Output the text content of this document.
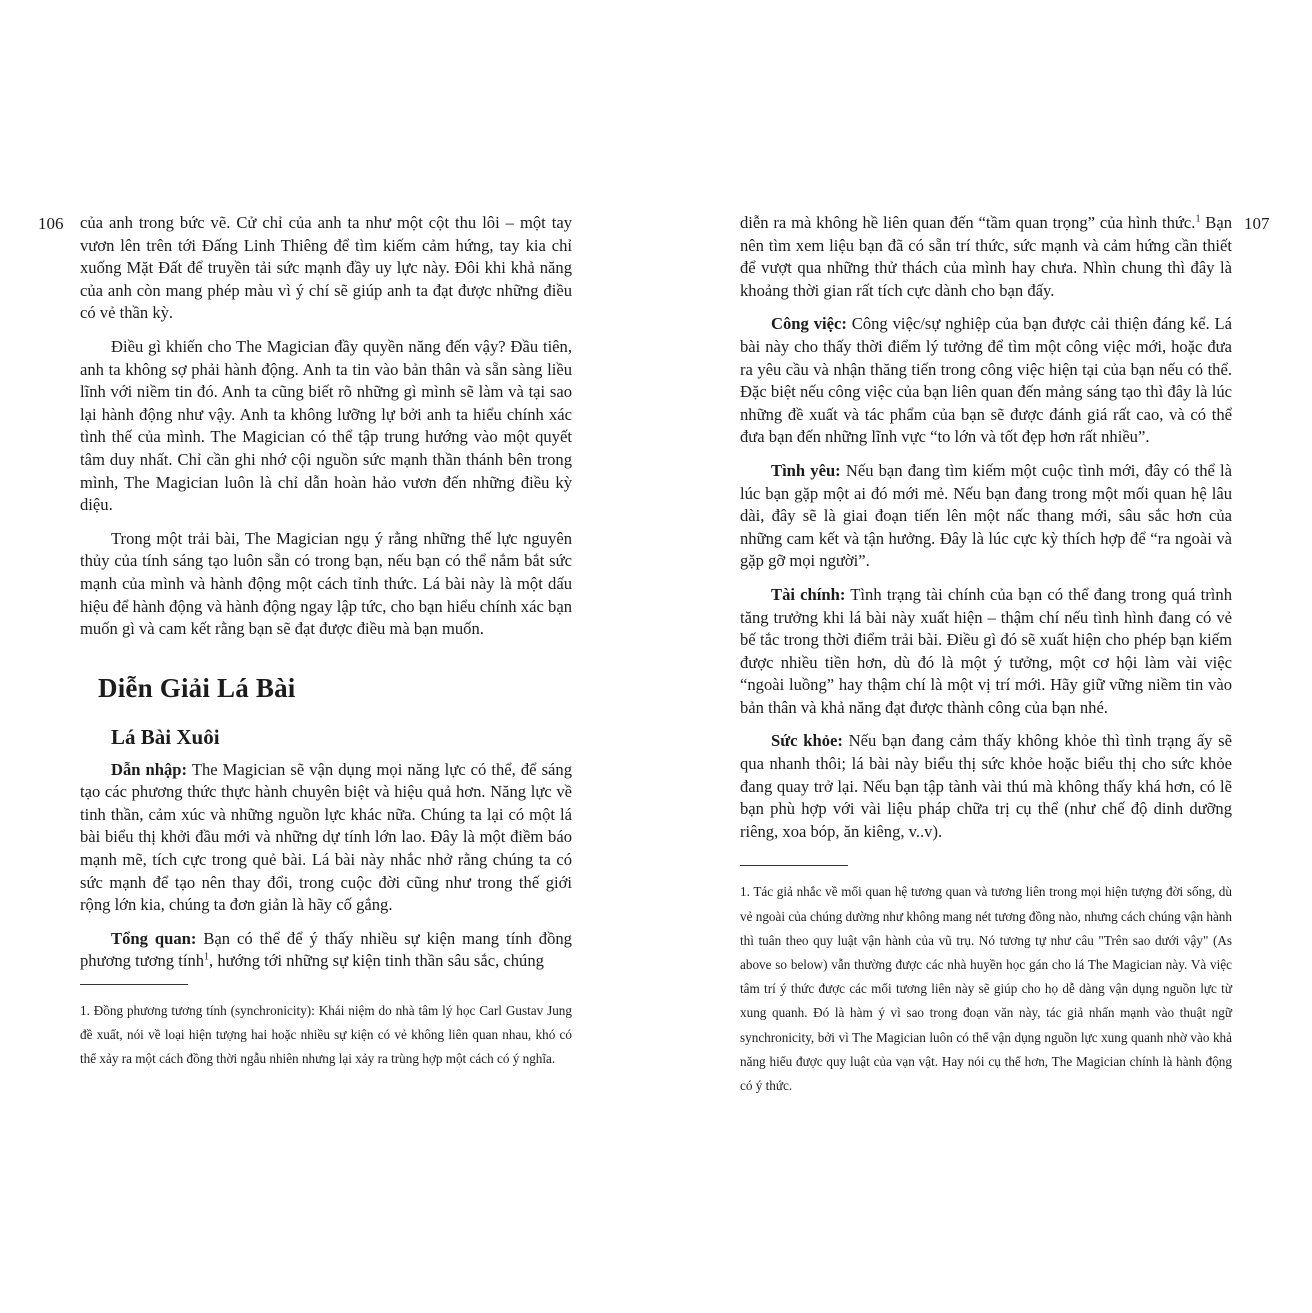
106	107

của anh trong bức vẽ. Cử chỉ của anh ta như một cột thu lôi – một tay vươn lên trên tới Đấng Linh Thiêng để tìm kiếm cảm hứng, tay kia chỉ xuống Mặt Đất để truyền tải sức mạnh đầy uy lực này. Đôi khi khả năng của anh còn mang phép màu vì ý chí sẽ giúp anh ta đạt được những điều có vẻ thần kỳ.

Điều gì khiến cho The Magician đầy quyền năng đến vậy? Đầu tiên, anh ta không sợ phải hành động. Anh ta tin vào bản thân và sẵn sàng liều lĩnh với niềm tin đó. Anh ta cũng biết rõ những gì mình sẽ làm và tại sao lại hành động như vậy. Anh ta không lưỡng lự bởi anh ta hiểu chính xác tình thế của mình. The Magician có thể tập trung hướng vào một quyết tâm duy nhất. Chỉ cần ghi nhớ cội nguồn sức mạnh thần thánh bên trong mình, The Magician luôn là chỉ dẫn hoàn hảo vươn đến những điều kỳ diệu.

Trong một trải bài, The Magician ngụ ý rằng những thế lực nguyên thủy của tính sáng tạo luôn sẵn có trong bạn, nếu bạn có thể nắm bắt sức mạnh của mình và hành động một cách tỉnh thức. Lá bài này là một dấu hiệu để hành động và hành động ngay lập tức, cho bạn hiểu chính xác bạn muốn gì và cam kết rằng bạn sẽ đạt được điều mà bạn muốn.

Diễn Giải Lá Bài
Lá Bài Xuôi

Dẫn nhập: The Magician sẽ vận dụng mọi năng lực có thể, để sáng tạo các phương thức thực hành chuyên biệt và hiệu quả hơn. Năng lực về tinh thần, cảm xúc và những nguồn lực khác nữa. Chúng ta lại có một lá bài biểu thị khởi đầu mới và những dự tính lớn lao. Đây là một điềm báo mạnh mẽ, tích cực trong quẻ bài. Lá bài này nhắc nhở rằng chúng ta có sức mạnh để tạo nên thay đổi, trong cuộc đời cũng như trong thế giới rộng lớn kia, chúng ta đơn giản là hãy cố gắng.

Tổng quan: Bạn có thể để ý thấy nhiều sự kiện mang tính đồng phương tương tính$^1$, hướng tới những sự kiện tinh thần sâu sắc, chúng

1. Đồng phương tương tính (synchronicity): Khái niệm do nhà tâm lý học Carl Gustav Jung đề xuất, nói về loại hiện tượng hai hoặc nhiều sự kiện có vẻ không liên quan nhau, khó có thể xảy ra một cách đồng thời ngẫu nhiên nhưng lại xảy ra trùng hợp một cách có ý nghĩa.

diễn ra mà không hề liên quan đến “tầm quan trọng” của hình thức.$^1$ Bạn nên tìm xem liệu bạn đã có sẵn trí thức, sức mạnh và cảm hứng cần thiết để vượt qua những thử thách của mình hay chưa. Nhìn chung thì đây là khoảng thời gian rất tích cực dành cho bạn đấy.

Công việc: Công việc/sự nghiệp của bạn được cải thiện đáng kể. Lá bài này cho thấy thời điểm lý tưởng để tìm một công việc mới, hoặc đưa ra yêu cầu và nhận thăng tiến trong công việc hiện tại của bạn nếu có thể. Đặc biệt nếu công việc của bạn liên quan đến mảng sáng tạo thì đây là lúc những đề xuất và tác phẩm của bạn sẽ được đánh giá rất cao, và có thể đưa bạn đến những lĩnh vực “to lớn và tốt đẹp hơn rất nhiều”.

Tình yêu: Nếu bạn đang tìm kiếm một cuộc tình mới, đây có thể là lúc bạn gặp một ai đó mới mẻ. Nếu bạn đang trong một mối quan hệ lâu dài, đây sẽ là giai đoạn tiến lên một nấc thang mới, sâu sắc hơn của những cam kết và tận hưởng. Đây là lúc cực kỳ thích hợp để “ra ngoài và gặp gỡ mọi người”.

Tài chính: Tình trạng tài chính của bạn có thể đang trong quá trình tăng trưởng khi lá bài này xuất hiện – thậm chí nếu tình hình đang có vẻ bế tắc trong thời điểm trải bài. Điều gì đó sẽ xuất hiện cho phép bạn kiếm được nhiều tiền hơn, dù đó là một ý tưởng, một cơ hội làm vài việc “ngoài luồng” hay thậm chí là một vị trí mới. Hãy giữ vững niềm tin vào bản thân và khả năng đạt được thành công của bạn nhé.

Sức khỏe: Nếu bạn đang cảm thấy không khỏe thì tình trạng ấy sẽ qua nhanh thôi; lá bài này biểu thị sức khỏe hoặc biểu thị cho sức khỏe đang quay trở lại. Nếu bạn tập tành vài thú mà không thấy khá hơn, có lẽ bạn phù hợp với vài liệu pháp chữa trị cụ thể (như chế độ dinh dưỡng riêng, xoa bóp, ăn kiêng, v..v).

1. Tác giả nhắc về mối quan hệ tương quan và tương liên trong mọi hiện tượng đời sống, dù vẻ ngoài của chúng dường như không mang nét tương đồng nào, nhưng cách chúng vận hành thì tuân theo quy luật vận hành của vũ trụ. Nó tương tự như câu "Trên sao dưới vậy" (As above so below) vẫn thường được các nhà huyền học gán cho lá The Magician này. Và việc tâm trí ý thức được các mối tương liên này sẽ giúp cho họ dễ dàng vận dụng nguồn lực từ xung quanh. Đó là hàm ý vì sao trong đoạn văn này, tác giả nhấn mạnh vào thuật ngữ synchronicity, bởi vì The Magician luôn có thể vận dụng nguồn lực xung quanh nhờ vào khả năng hiểu được quy luật của vạn vật. Hay nói cụ thể hơn, The Magician chính là hành động có ý thức.
